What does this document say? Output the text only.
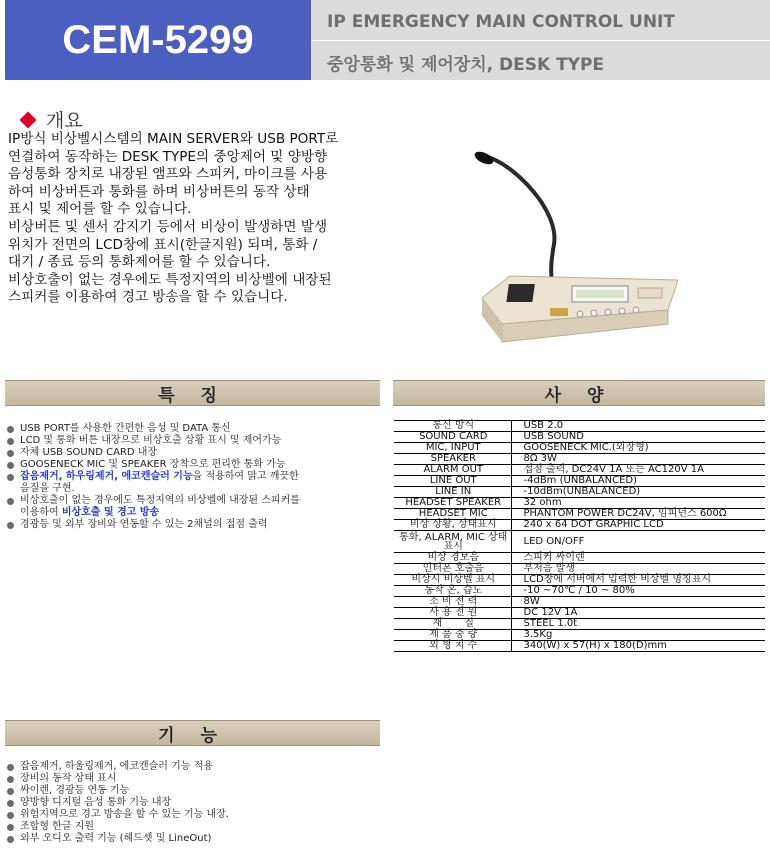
CEM-5299	IP EMERGENCY MAIN CONTROL UNIT
중앙통화 및 제어장치, DESK TYPE
개요

IP방식 비상벨시스템의 MAIN SERVER와 USB PORT로

연결하여 동작하는 DESK TYPE의 중앙제어 및 양방향

음성통화 장치로 내장된 앰프와 스피커, 마이크를 사용

하여 비상버튼과 통화를 하며 비상버튼의 동작 상태

표시 및 제어를 할 수 있습니다.

비상버튼 및 센서 감지기 등에서 비상이 발생하면 발생

위치가 전면의 LCD창에 표시(한글지원) 되며, 통화 /

대기 / 종료 등의 통화제어를 할 수 있습니다.

비상호출이 없는 경우에도 특정지역의 비상벨에 내장된

스피커를 이용하여 경고 방송을 할 수 있습니다.

특 징
USB PORT를 사용한 간편한 음성 및 DATA 통신
LCD 및 통화 버튼 내장으로 비상호출 상황 표시 및 제어가능
자체 USB SOUND CARD 내장
GOOSENECK MIC 및 SPEAKER 장착으로 편리한 통화 가능
잡음제거, 하우링제거, 에코캔슬러 기능을 적용하여 맑고 깨끗한
음질을 구현.
비상호출이 없는 경우에도 특정지역의 비상벨에 내장된 스피커를
이용하여 비상호출 및 경고 방송
경광등 및 외부 장비와 연동할 수 있는 2채널의 접점 출력
사 양
통신 방식	USB 2.0
SOUND CARD	USB SOUND
MIC, INPUT	GOOSENECK MIC.(외장형)
SPEAKER	8Ω 3W
ALARM OUT	접점 출력, DC24V 1A 또는 AC120V 1A
LINE OUT	-4dBm (UNBALANCED)
LINE IN	-10dBm(UNBALANCED)
HEADSET SPEAKER	32 ohm
HEADSET MIC	PHANTOM POWER DC24V, 임피던스 600Ω
비상 상황, 상태표시	240 x 64 DOT GRAPHIC LCD
통화, ALARM, MIC 상태표시	LED ON/OFF
비상 경보음	스피커 싸이렌
인터폰 호출음	부저음 발생
비상시 비상벨 표시	LCD창에 서버에서 입력한 비상벨 명칭표시
동작 온, 습도	-10 ~70℃ / 10 ~ 80%
소 비 전 력	8W
사 용 전 원	DC 12V 1A
재       질	STEEL 1.0t
제 품 중 량	3.5Kg
외 형 치 수	340(W) x 57(H) x 180(D)mm
기 능
잡음제거, 하울링제거, 에코캔슬러 기능 적용
장비의 동작 상태 표시
싸이렌, 경광등 연동 기능
양방향 디지털 음성 통화 기능 내장
위험지역으로 경고 방송을 할 수 있는 기능 내장.
조합형 한글 지원
외부 오디오 출력 기능 (헤드셋 및 LineOut)
